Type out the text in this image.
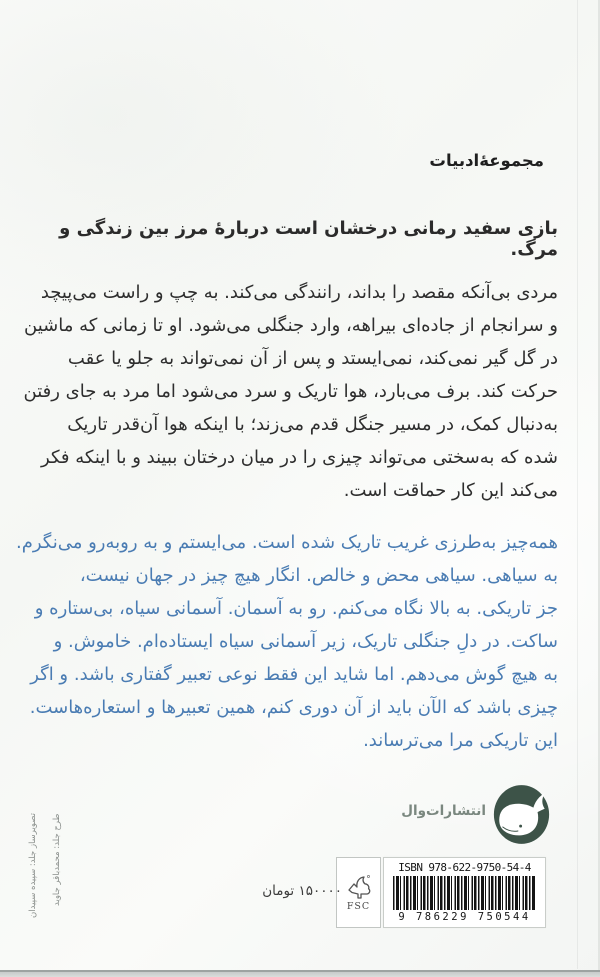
مجموعهٔ‌ادبیات
بازی سفید رمانی درخشان است دربارهٔ مرز بین زندگی و مرگ.
مردی بی‌آنکه مقصد را بداند، رانندگی می‌کند. به چپ و راست می‌پیچد
و سرانجام از جاده‌ای بیراهه، وارد جنگلی می‌شود. او تا زمانی که ماشین
در گل گیر نمی‌کند، نمی‌ایستد و پس از آن نمی‌تواند به جلو یا عقب
حرکت کند. برف می‌بارد، هوا تاریک و سرد می‌شود اما مرد به جای رفتن
به‌دنبال کمک، در مسیر جنگل قدم می‌زند؛ با اینکه هوا آن‌قدر تاریک
شده که به‌سختی می‌تواند چیزی را در میان درختان ببیند و با اینکه فکر
می‌کند این کار حماقت است.
همه‌چیز به‌طرزی غریب تاریک شده است. می‌ایستم و به روبه‌رو می‌نگرم.
به سیاهی. سیاهی محض و خالص. انگار هیچ چیز در جهان نیست،
جز تاریکی. به بالا نگاه می‌کنم. رو به آسمان. آسمانی سیاه، بی‌ستاره و
ساکت. در دلِ جنگلی تاریک، زیر آسمانی سیاه ایستاده‌ام. خاموش. و
به هیچ گوش می‌دهم. اما شاید این فقط نوعی تعبیر گفتاری باشد. و اگر
چیزی باشد که الآن باید از آن دوری کنم، همین تعبیرها و استعاره‌هاست.
این تاریکی مرا می‌ترساند.
انتشارات‌وال
ISBN 978-622-9750-54-4
9 786229 750544
FSC
۱۵۰۰۰۰ تومان
طرح جلد: محمدباقر جاوید
تصویرساز جلد: سپیده سپیدان
